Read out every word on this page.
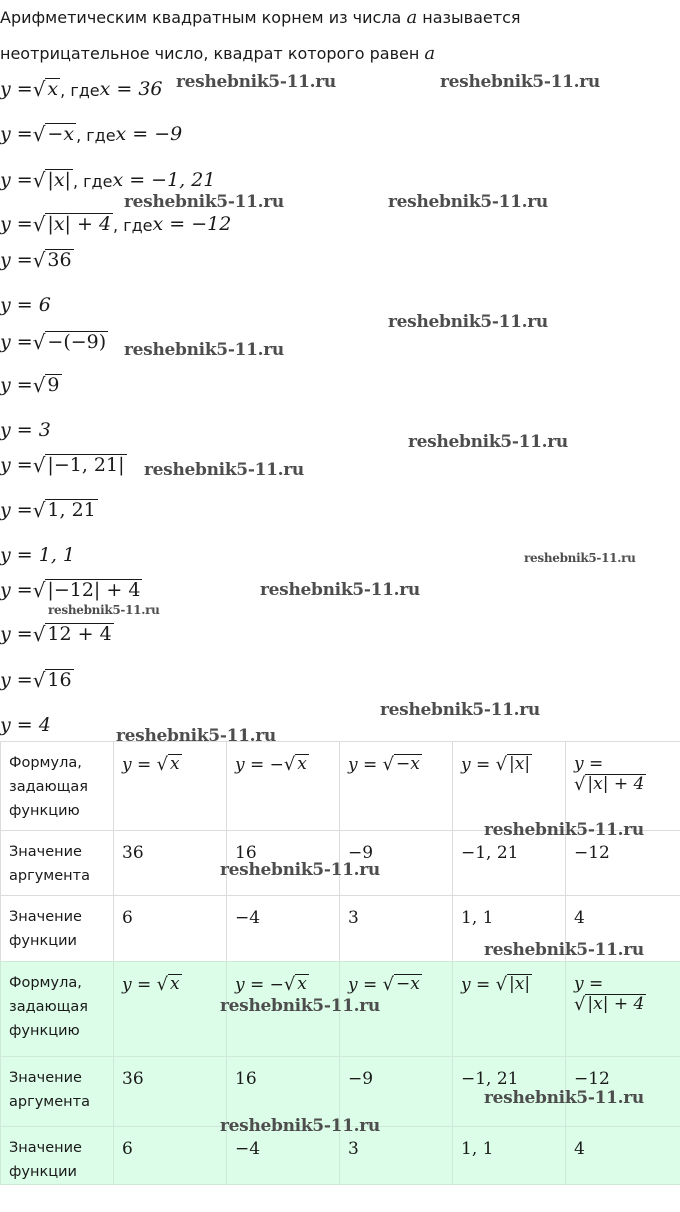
Арифметическим квадратным корнем из числа a называется
неотрицательное число, квадрат которого равен a
y = √ x , где x = 36
y = √ −x , где x = −9
y = √ |x| , где x = −1, 21
y = √ |x| + 4 , где x = −12
y = √ 36
y = 6
y = √ −(−9)
y = √ 9
y = 3
y = √ |−1, 21|
y = √ 1, 21
y = 1, 1
y = √ |−12| + 4
y = √ 12 + 4
y = √ 16
y = 4
Формула, задающая функцию	y = √ x	y = − √ x	y = √ −x	y = √ |x|	y =
√ |x| + 4

Значение аргумента	36	16	−9	−1, 21	−12
Значение функции	6	−4	3	1, 1	4
Формула, задающая функцию	y = √ x	y = − √ x	y = √ −x	y = √ |x|	y =
√ |x| + 4

Значение аргумента	36	16	−9	−1, 21	−12
Значение функции	6	−4	3	1, 1	4
reshebnik5-11.ru	reshebnik5-11.ru
reshebnik5-11.ru	reshebnik5-11.ru
reshebnik5-11.ru
reshebnik5-11.ru
reshebnik5-11.ru
reshebnik5-11.ru
reshebnik5-11.ru
reshebnik5-11.ru
reshebnik5-11.ru
reshebnik5-11.ru
reshebnik5-11.ru
reshebnik5-11.ru
reshebnik5-11.ru
reshebnik5-11.ru
reshebnik5-11.ru
reshebnik5-11.ru
reshebnik5-11.ru
